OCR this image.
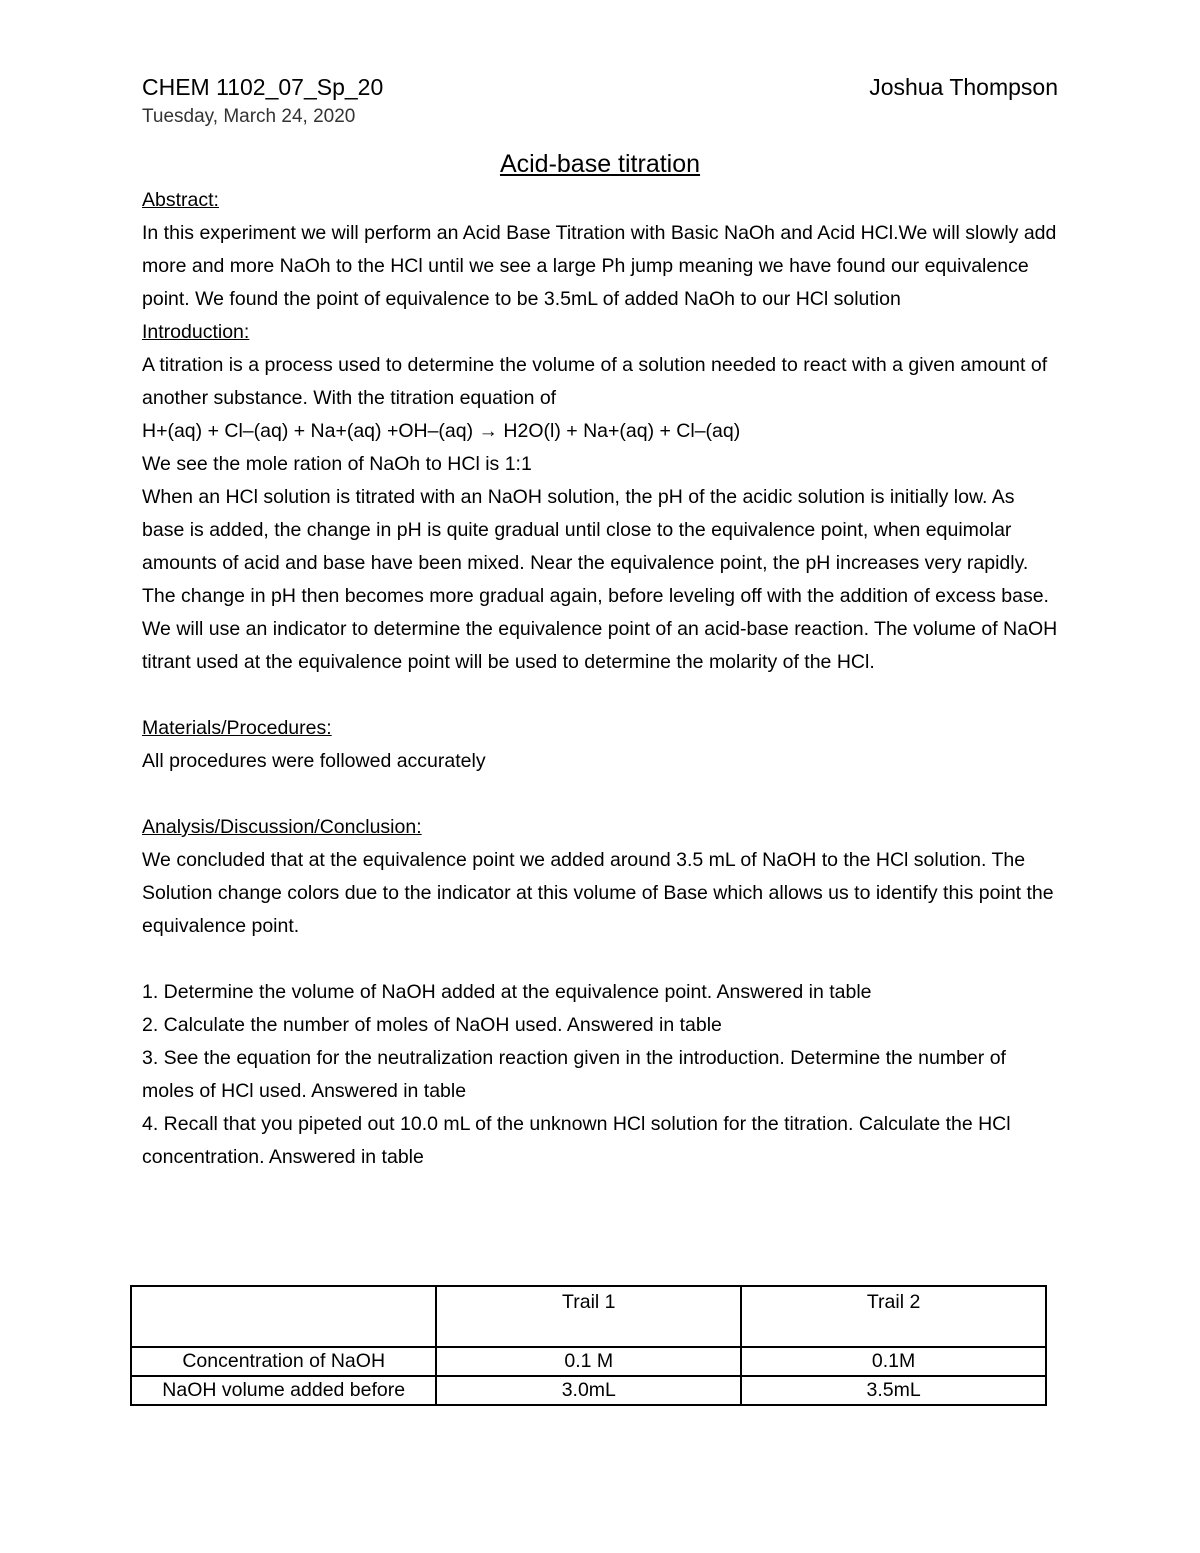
CHEM 1102_07_Sp_20	Joshua Thompson
Tuesday, March 24, 2020
Acid-base titration
Abstract:
In this experiment we will perform an Acid Base Titration with Basic NaOh and Acid HCl.We will slowly add more and more NaOh to the HCl until we see a large Ph jump meaning we have found our equivalence point. We found the point of equivalence to be 3.5mL of added NaOh to our HCl solution
Introduction:
A titration is a process used to determine the volume of a solution needed to react with a given amount of another substance. With the titration equation of
H+(aq) + Cl–(aq) + Na+(aq) +OH–(aq) → H2O(l) + Na+(aq) + Cl–(aq)
We see the mole ration of NaOh to HCl is 1:1
When an HCl solution is titrated with an NaOH solution, the pH of the acidic solution is initially low. As base is added, the change in pH is quite gradual until close to the equivalence point, when equimolar amounts of acid and base have been mixed. Near the equivalence point, the pH increases very rapidly. The change in pH then becomes more gradual again, before leveling off with the addition of excess base. We will use an indicator to determine the equivalence point of an acid-base reaction. The volume of NaOH titrant used at the equivalence point will be used to determine the molarity of the HCl.
Materials/Procedures:
All procedures were followed accurately
Analysis/Discussion/Conclusion:
We concluded that at the equivalence point we added around 3.5 mL of NaOH to the HCl solution. The Solution change colors due to the indicator at this volume of Base which allows us to identify this point the equivalence point.
1. Determine the volume of NaOH added at the equivalence point. Answered in table
2. Calculate the number of moles of NaOH used. Answered in table
3. See the equation for the neutralization reaction given in the introduction. Determine the number of moles of HCl used. Answered in table
4. Recall that you pipeted out 10.0 mL of the unknown HCl solution for the titration. Calculate the HCl concentration. Answered in table
	Trail 1	Trail 2
Concentration of NaOH	0.1 M	0.1M
NaOH volume added before	3.0mL	3.5mL
